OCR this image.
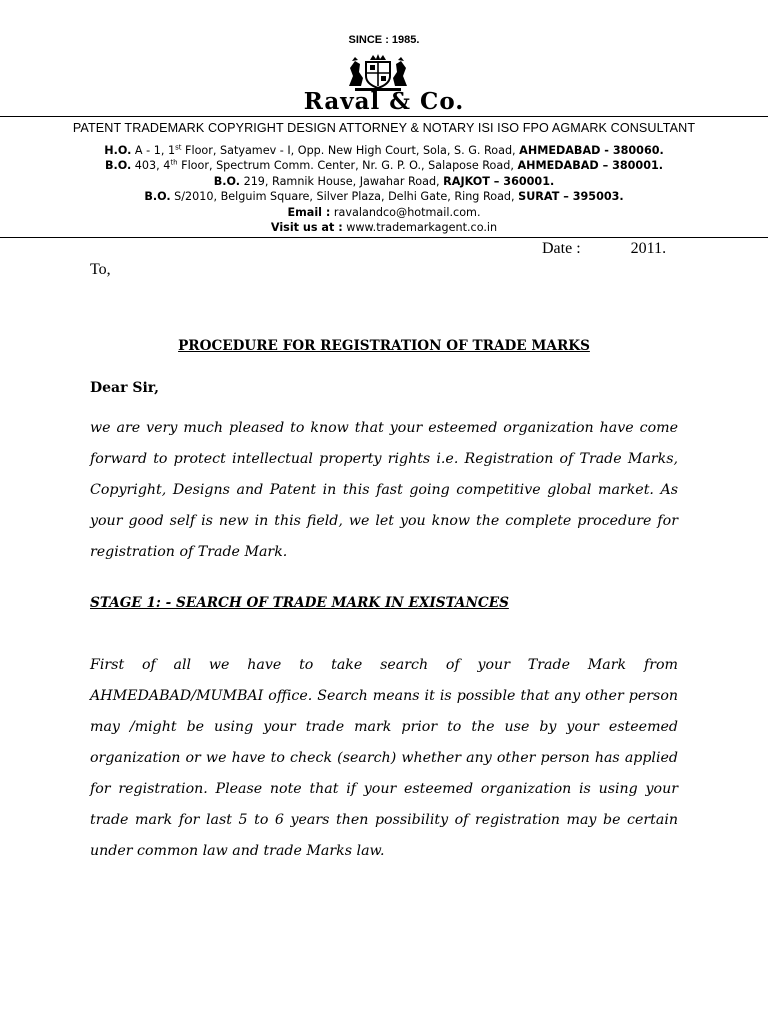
SINCE : 1985.
Raval & Co.
PATENT TRADEMARK COPYRIGHT DESIGN ATTORNEY & NOTARY ISI ISO FPO AGMARK CONSULTANT
H.O. A - 1, 1st Floor, Satyamev - I, Opp. New High Court, Sola, S. G. Road, AHMEDABAD - 380060.
B.O. 403, 4th Floor, Spectrum Comm. Center, Nr. G. P. O., Salapose Road, AHMEDABAD – 380001.
B.O. 219, Ramnik House, Jawahar Road, RAJKOT – 360001.
B.O. S/2010, Belguim Square, Silver Plaza, Delhi Gate, Ring Road, SURAT – 395003.
Email : ravalandco@hotmail.com.
Visit us at : www.trademarkagent.co.in
Date :	2011.
To,
PROCEDURE FOR REGISTRATION OF TRADE MARKS
Dear Sir,
we are very much pleased to know that your esteemed organization have come forward to protect intellectual property rights i.e. Registration of Trade Marks, Copyright, Designs and Patent in this fast going competitive global market. As your good self is new in this field, we let you know the complete procedure for registration of Trade Mark.
STAGE 1: - SEARCH OF TRADE MARK IN EXISTANCES
First of all we have to take search of your Trade Mark from AHMEDABAD/MUMBAI office. Search means it is possible that any other person may /might be using your trade mark prior to the use by your esteemed organization or we have to check (search) whether any other person has applied for registration. Please note that if your esteemed organization is using your trade mark for last 5 to 6 years then possibility of registration may be certain under common law and trade Marks law.
